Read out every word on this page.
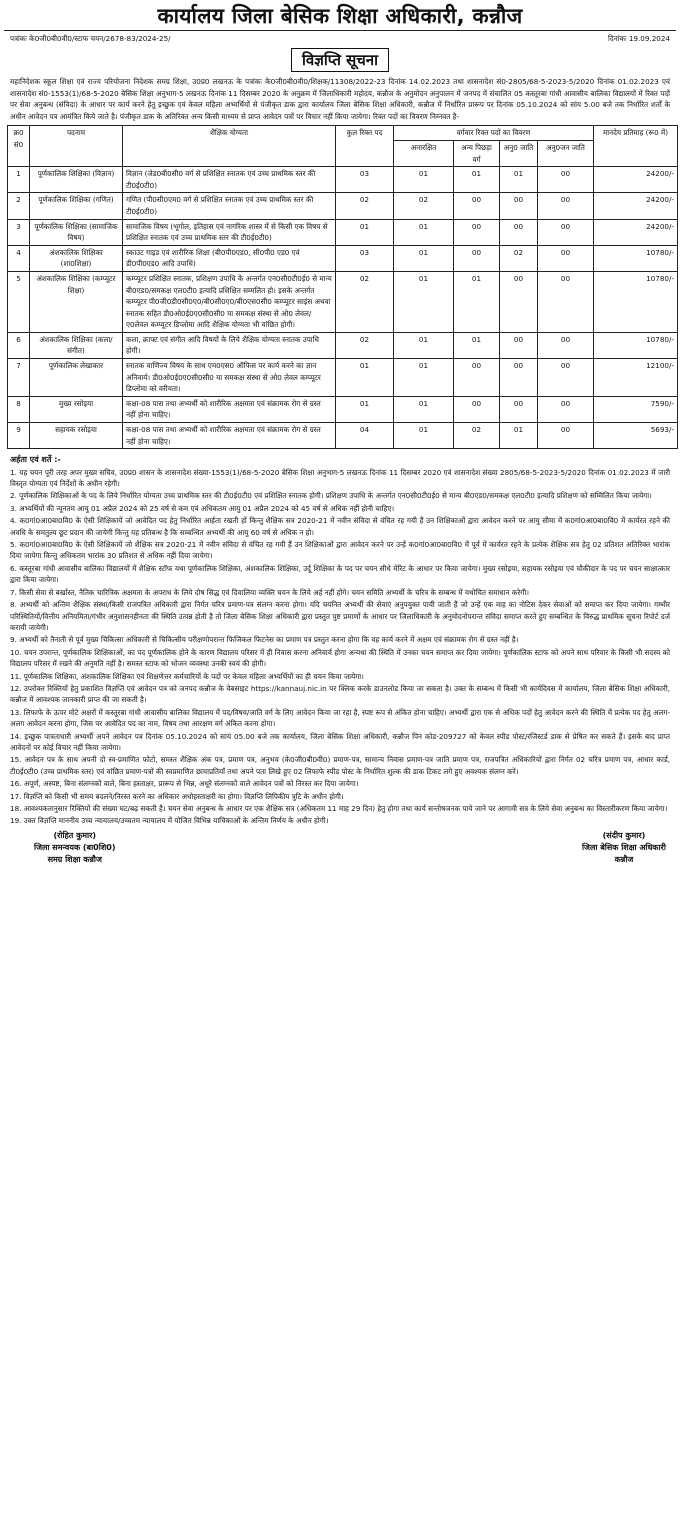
कार्यालय जिला बेसिक शिक्षा अधिकारी, कन्नौज
पत्रांकः के0जी0बी0वी0/स्टाफ चयन/2678-83/2024-25/	दिनांकः 19.09.2024
विज्ञप्ति सूचना

महानिदेशक स्कूल शिक्षा एवं राज्य परियोजना निदेशक समग्र शिक्षा, उ0प्र0 लखनऊ के पत्रांकः के0जी0बी0वी0/शिक्षक/11308/2022-23 दिनांक 14.02.2023 तथा शासनादेश सं0-2805/68-5-2023-5/2020 दिनांक 01.02.2023 एवं शासनादेश सं0-1553(1)/68-5-2020 बेसिक शिक्षा अनुभाग-5 लखनऊ दिनांक 11 दिसम्बर 2020 के अनुक्रम में जिलाधिकारी महोदय, कन्नौज के अनुमोदन अनुपालन में जनपद में संचालित 05 कस्तूरबा गांधी आवासीय बालिका विद्यालयों में रिक्त पदों पर सेवा अनुबन्ध (संविदा) के आधार पर कार्य करने हेतु इच्छुक एवं केवल महिला अभ्यर्थियों से पंजीकृत डाक द्वारा कार्यालय जिला बेसिक शिक्षा अधिकारी, कन्नौज में निर्धारित प्रारूप पर दिनांक 05.10.2024 को सांय 5.00 बजे तक निर्धारित शर्तों के अधीन आवेदन पत्र आमंत्रित किये जाते है। पंजीकृत डाक के अतिरिक्त अन्य किसी माध्यम से प्राप्त आवेदन पत्रों पर विचार नहीं किया जायेगा। रिक्त पदों का विवरण निम्नवत है-

क्र0 सं0	पदनाम	शैक्षिक योग्यता	कुल रिक्त पद	वर्गवार रिक्त पदों का विवरण				मानदेय प्रतिमाह (रू0 में)
				अनारक्षित	अन्य पिछड़ा वर्ग	अनु0 जाति	अनु0जन जाति	
1	पूर्णकालिक शिक्षिका (विज्ञान)	विज्ञान (जेड0बी0सी0 वर्ग से प्रशिक्षित स्नातक एवं उच्च प्राथमिक स्तर की टी0ई0टी0)	03	01	01	01	00	24200/-
2	पूर्णकालिक शिक्षिका (गणित)	गणित (पी0सी0एम0 वर्ग से प्रशिक्षित स्नातक एवं उच्च प्राथमिक स्तर की टी0ई0टी0)	02	02	00	00	00	24200/-
3	पूर्णकालिक शिक्षिका (सामाजिक विषय)	सामाजिक विषय (भूगोल, इतिहास एवं नागरिक शास्त्र में से किसी एक विषय से प्रशिक्षित स्नातक एवं उच्च प्राथमिक स्तर की टी0ई0टी0)	01	01	00	00	00	24200/-
4	अंशकालिक शिक्षिका (शा0शिक्षा)	स्काउट गाइड एवं शारीरिक शिक्षा (बी0पी0एड0, सी0पी0 एड0 एवं डी0पी0एड0 आदि उपाधि)	03	01	00	02	00	10780/-
5	अंशकालिक शिक्षिका (कम्प्यूटर शिक्षा)	कम्प्यूटर प्रशिक्षित स्नातक, प्रशिक्षण उपाधि के अन्तर्गत एन0सी0टी0ई0 से मान्य बी0एड0/समकक्ष एल0टी0 इत्यादि प्रशिक्षित सम्मलित हो। इसके अन्तर्गत कम्प्यूटर पी0जी0डी0सी0ए0/बी0सी0ए0/बी0एस0सी0 कम्प्यूटर साइंस अथवा स्नातक सहित डी0ओ0ई0ए0सी0सी0 या समकक्ष संस्था से ओ0 लेवल/ए0लेवल कम्प्यूटर डिप्लोमा आदि शैक्षिक योग्यता भी वांछित होगी।	02	01	01	00	00	10780/-
6	अंशकालिक शिक्षिका (कला/संगीत)	कला, क्राफ्ट एवं संगीत आदि विषयों के लिये शैक्षिक योग्यता स्नातक उपाधि होगी।	02	01	01	00	00	10780/-
7	पूर्णकालिक लेखाकार	स्नातक वाणिज्य विषय के साथ एम0एस0 ऑफिस पर कार्य करने का ज्ञान अनिवार्य। डी0ओ0ई0ए0सी0सी0 या समकक्ष संस्था से ओ0 लेवल कम्प्यूटर डिप्लोमा को वरीयता।	01	01	00	00	00	12100/-
8	मुख्य रसोइया	कक्षा-08 पास तथा अभ्यर्थी को शारीरिक अक्षमता एवं संक्रामक रोग से ग्रस्त नहीं होना चाहिए।	01	01	00	00	00	7590/-
9	सहायक रसोइया	कक्षा-08 पास तथा अभ्यर्थी को शारीरिक अक्षमता एवं संक्रामक रोग से ग्रस्त नहीं होना चाहिए।	04	01	02	01	00	5693/-
अर्हता एवं शर्ते :-

1. यह चयन पूरी तरह अपर मुख्य सचिव, उ0प्र0 शासन के शासनादेश संख्या-1553(1)/68-5-2020 बेसिक शिक्षा अनुभाग-5 लखनऊ दिनांक 11 दिसम्बर 2020 एवं शासनादेश संख्या 2805/68-5-2023-5/2020 दिनांक 01.02.2023 में जारी विस्तृत योग्यता एवं निर्देशों के अधीन रहेगी।

2. पूर्णकालिक शिक्षिकाओं के पद के लिये निर्धारित योग्यता उच्च प्राथमिक स्तर की टी0ई0टी0 एवं प्रशिक्षित स्नातक होगी। प्रशिक्षण उपाधि के अन्तर्गत एन0सी0टी0ई0 से मान्य बी0एड0/समकक्ष एल0टी0 इत्यादि प्रशिक्षण को सम्मिलित किया जायेगा।

3. अभ्यर्थियों की न्यूनतम आयु 01 अप्रैल 2024 को 25 वर्ष से कम एवं अधिकतम आयु 01 अप्रैल 2024 को 45 वर्ष से अधिक नहीं होनी चाहिए।

4. क0गां0आ0बा0वि0 के ऐसी शिक्षिकायें जो आवेदित पद हेतु निर्धारित आर्हता रखती हों किन्तु शैक्षिक सत्र 2020-21 में नवीन संविदा से वंचित रह गयी हैं उन शिक्षिकाओं द्वारा आवेदन करने पर आयु सीमा में क0गां0आ0बा0वि0 में कार्यरत रहने की अवधि के समतुल्य छूट प्रदान की जायेगी किन्तु यह प्रतिबन्ध है कि सम्बन्धित अभ्यर्थी की आयु 60 वर्ष से अधिक न हो।

5. क0गां0आ0बा0वि0 के ऐसी शिक्षिकायें जो शैक्षिक सत्र 2020-21 में नवीन संविदा से वंचित रह गयी हैं उन शिक्षिकाओं द्वारा आवेदन करने पर उन्हें क0गां0आ0बा0वि0 में पूर्व में कार्यरत रहने के प्रत्येक शैक्षिक सत्र हेतु 02 प्रतिशत अतिरिक्त भारांक दिया जायेगा किन्तु अधिकतम भारांक 30 प्रतिशत से अधिक नहीं दिया जायेगा।

6. कस्तूरबा गांधी आवासीय बालिका विद्यालयों में शैक्षिक स्टॉफ यथा पूर्णकालिक शिक्षिका, अंशकालिक शिक्षिका, उर्दू शिक्षिका के पद पर चयन सीधे मेरिट के आधार पर किया जायेगा। मुख्य रसोइया, सहायक रसोइया एवं चौकीदार के पद पर चयन साक्षात्कार द्वारा किया जायेगा।

7. किसी सेवा से बर्खास्त, नैतिक चारित्रिक अक्षमता के अपराध के लिये दोष सिद्ध एवं दिवालिया व्यक्ति चयन के लिये अर्ह नहीं होंगे। चयन समिति अभ्यर्थी के चरित्र के सम्बन्ध में यथोचित समाधान करेगी।

8. अभ्यर्थी को अन्तिम शैक्षिक संस्था/किसी राजपत्रित अधिकारी द्वारा निर्गत चरित्र प्रमाण-पत्र संलग्न करना होगा। यदि चयनित अभ्यर्थी की सेवाएं अनुपयुक्त पायी जाती हैं जो उन्हें एक माह का नोटिस देकर सेवाओं को समाप्त कर दिया जायेगा। गम्भीर परिस्थितियों/वित्तीय अनियमिता/गंभीर अनुशासनहीनता की स्थिति उत्पन्न होती है तो जिला बेसिक शिक्षा अधिकारी द्वारा प्रस्तुत पुष्ट प्रमाणों के आधार पर जिलाधिकारी के अनुमोदनोपरान्त संविदा समाप्त करते हुए सम्बन्धित के विरुद्ध प्राथमिक सूचना रिपोर्ट दर्ज करायी जायेगी।

9. अभ्यर्थी को तैनाती से पूर्व मुख्य चिकित्सा अधिकारी से चिकित्सीय परीक्षणोपरान्त फिजिकल फिटनेस का प्रमाण पत्र प्रस्तुत करना होगा कि वह कार्य करने में अक्षम एवं संक्रामक रोग से ग्रस्त नहीं है।

10. चयन उपरान्त, पूर्णकालिक शिक्षिकाओं, का पद पूर्णकालिक होने के कारण विद्यालय परिसर में ही निवास करना अनिवार्य होगा अन्यथा की स्थिति में उनका चयन समाप्त कर दिया जायेगा। पूर्णकालिक स्टाफ को अपने साथ परिवार के किसी भी सदस्य को विद्यालय परिसर में रखने की अनुमति नहीं है। समस्त स्टाफ को भोजन व्यवस्था उनकी स्वयं की होगी।

11. पूर्णकालिक शिक्षिका, अंशकालिक शिक्षिका एवं शिक्षणेत्तर कर्मचारियों के पदों पर केवल महिला अभ्यर्थियों का ही चयन किया जायेगा।

12. उपरोक्त रिक्तियों हेतु प्रकाशित विज्ञप्ति एवं आवेदन पत्र को जनपद कन्नौज के वेबसाइट https://kannauj.nic.in पर क्लिक करके डाउनलोड किया जा सकता है। उक्त के सम्बन्ध में किसी भी कार्यदिवस में कार्यालय, जिला बेसिक शिक्षा अधिकारी, कन्नौज में आवश्यक जानकारी प्राप्त की जा सकती है।

13. लिफाफे के ऊपर मोटे अक्षरों में कस्तूरबा गांधी आवासीय बालिका विद्यालय में पद/विषय/जाति वर्ग के लिए आवेदन किया जा रहा है, स्पष्ट रूप से अंकित होना चाहिए। अभ्यर्थी द्वारा एक से अधिक पदों हेतु आवेदन करने की स्थिति में प्रत्येक पद हेतु अलग-अलग आवेदन करना होगा, जिस पर आवेदित पद का नाम, विषय तथा आरक्षण वर्ग अंकित करना होगा।

14. इच्छुक पात्रताधारी अभ्यर्थी अपने आवेदन पत्र दिनांक 05.10.2024 को सायं 05.00 बजे तक कार्यालय, जिला बेसिक शिक्षा अधिकारी, कन्नौज पिन कोड-209727 को केवल स्पीड पोस्ट/रजिस्टर्ड डाक से प्रेषित कर सकते हैं। इसके बाद प्राप्त आवेदनों पर कोई विचार नहीं किया जायेगा।

15. आवेदन पत्र के साथ अपनी दो स्व-प्रमाणित फोटो, समस्त शैक्षिक अंक पत्र, प्रमाण पत्र, अनुभव (के0जी0बी0वी0) प्रमाण-पत्र, सामान्य निवास प्रमाण-पत्र जाति प्रमाण पत्र, राजपत्रित अधिकारियों द्वारा निर्गत 02 चरित्र प्रमाण पत्र, आधार कार्ड, टी0ई0टी0 (उच्च प्राथमिक स्तर) एवं वांछित प्रमाण-पत्रों की स्वप्रमाणित छायाप्रतियाँ तथा अपने पता लिखे हुए 02 लिफाफे स्पीड पोस्ट के निर्धारित शुल्क की डाक टिकट लगे हुए अवश्यक संलग्न करें।

16. अपूर्ण, अस्पष्ट, बिना संलग्नकों वाले, बिना हस्ताक्षर, प्रारूप से भिन्न, अधूरे संलग्नकों वाले आवेदन पत्रों को निरस्त कर दिया जायेगा।

17. विज्ञप्ति को किसी भी समय बदलने/निरस्त करने का अधिकार अधोहस्ताक्षरी का होगा। विज्ञप्ति लिपिकीय त्रुटि के अधीन होगी।

18. आवश्यकतानुसार रिक्तियों की संख्या घट/बढ़ सकती है। चयन सेवा अनुबन्ध के आधार पर एक शैक्षिक सत्र (अधिकतम 11 माह 29 दिन) हेतु होगा तथा कार्य सन्तोषजनक पाये जाने पर आगामी सत्र के लिये सेवा अनुबन्ध का विस्तारीकरण किया जायेगा।

19. उक्त विज्ञप्ति माननीय उच्च न्यायालय/उच्चतम न्यायालय में योजित विभिन्न याचिकाओं के अन्तिम निर्णय के अधीन होगी।

(रोहित कुमार)
जिला समन्वयक (बा0शि0)
समग्र शिक्षा कन्नौज
(संदीप कुमार)
जिला बेसिक शिक्षा अधिकारी
कन्नौज
